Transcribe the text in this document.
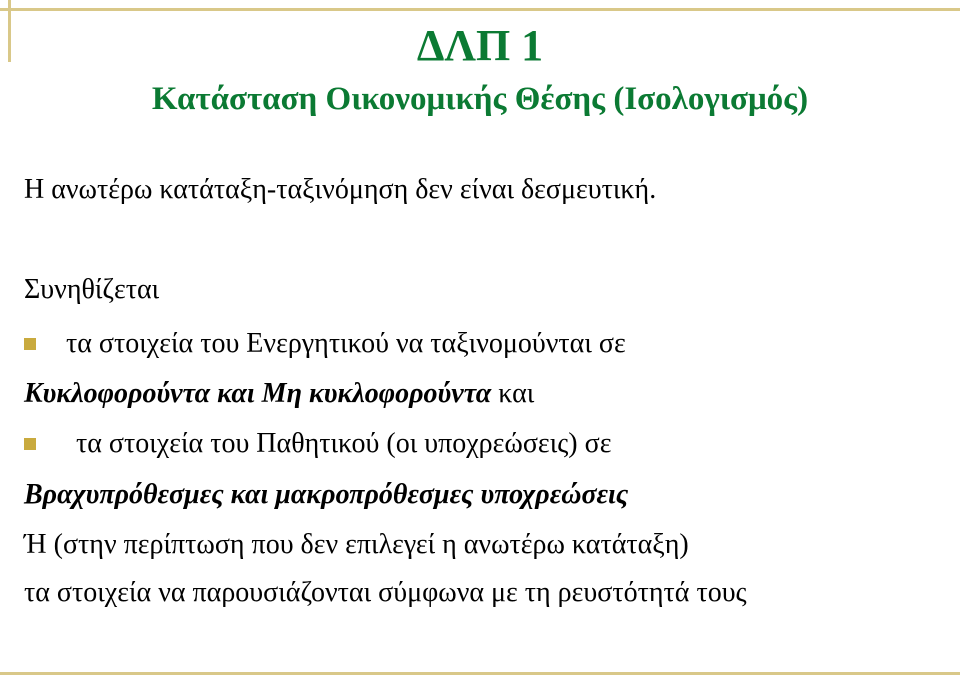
ΔΛΠ 1
Κατάσταση Οικονομικής Θέσης (Ισολογισμός)
Η ανωτέρω κατάταξη-ταξινόμηση δεν είναι δεσμευτική.
Συνηθίζεται
τα στοιχεία του Ενεργητικού να ταξινομούνται σε
Κυκλοφορούντα και Μη κυκλοφορούντα και
τα στοιχεία του Παθητικού (οι υποχρεώσεις) σε
Βραχυπρόθεσμες και μακροπρόθεσμες υποχρεώσεις
Ή (στην περίπτωση που δεν επιλεγεί η ανωτέρω κατάταξη)
τα στοιχεία να παρουσιάζονται σύμφωνα με τη ρευστότητά τους
